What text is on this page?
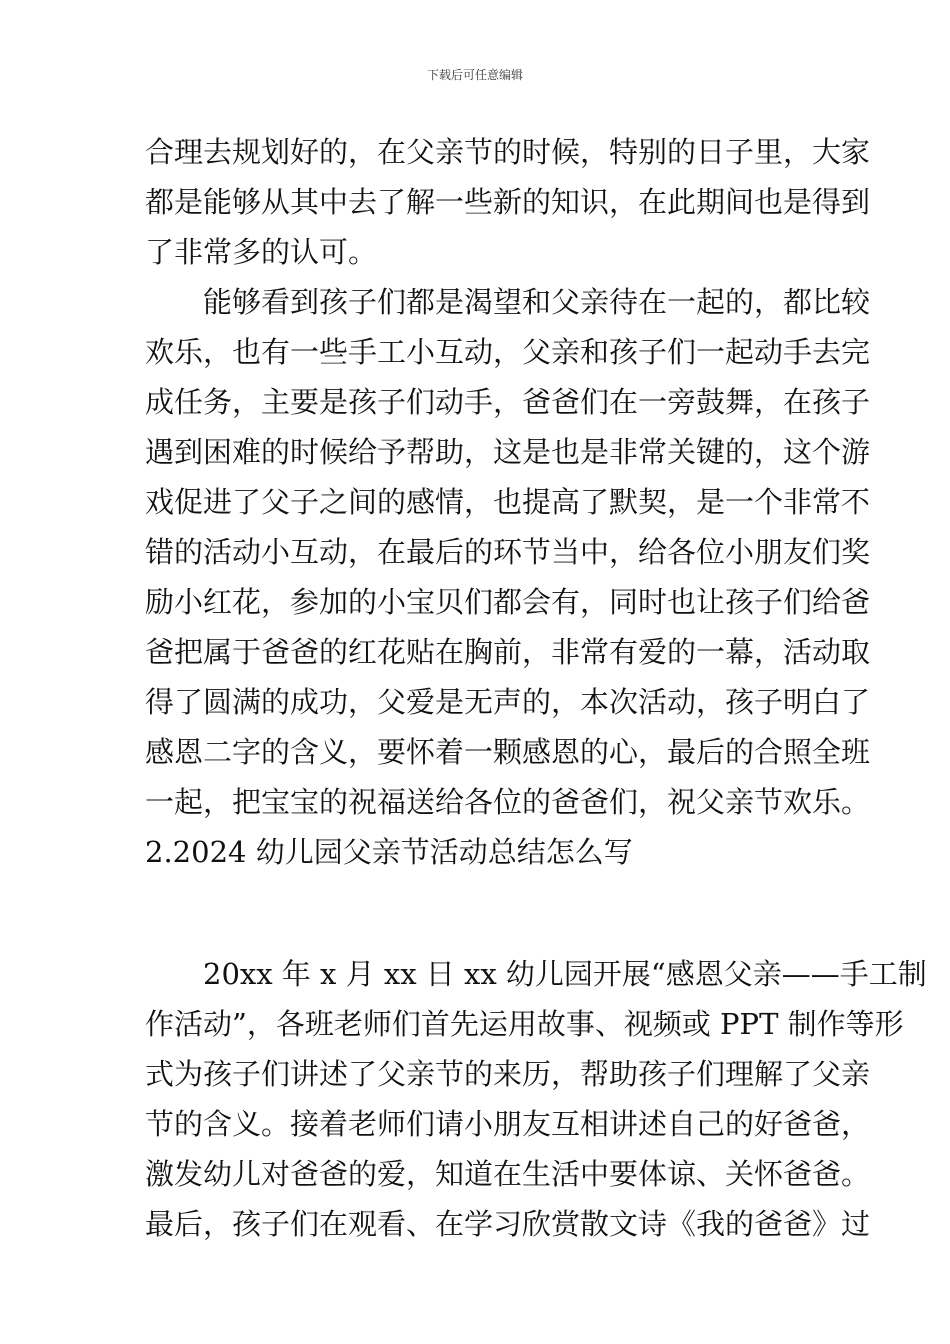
下载后可任意编辑
合理去规划好的，在父亲节的时候，特别的日子里，大家
都是能够从其中去了解一些新的知识，在此期间也是得到
了非常多的认可。
能够看到孩子们都是渴望和父亲待在一起的，都比较
欢乐，也有一些手工小互动，父亲和孩子们一起动手去完
成任务，主要是孩子们动手，爸爸们在一旁鼓舞，在孩子
遇到困难的时候给予帮助，这是也是非常关键的，这个游
戏促进了父子之间的感情，也提高了默契，是一个非常不
错的活动小互动，在最后的环节当中，给各位小朋友们奖
励小红花，参加的小宝贝们都会有，同时也让孩子们给爸
爸把属于爸爸的红花贴在胸前，非常有爱的一幕，活动取
得了圆满的成功，父爱是无声的，本次活动，孩子明白了
感恩二字的含义，要怀着一颗感恩的心，最后的合照全班
一起，把宝宝的祝福送给各位的爸爸们，祝父亲节欢乐。
2.2024 幼儿园父亲节活动总结怎么写
20xx 年 x 月 xx 日 xx 幼儿园开展“感恩父亲——手工制
作活动”，各班老师们首先运用故事、视频或 PPT 制作等形
式为孩子们讲述了父亲节的来历，帮助孩子们理解了父亲
节的含义。接着老师们请小朋友互相讲述自己的好爸爸，
激发幼儿对爸爸的爱，知道在生活中要体谅、关怀爸爸。
最后，孩子们在观看、在学习欣赏散文诗《我的爸爸》过
